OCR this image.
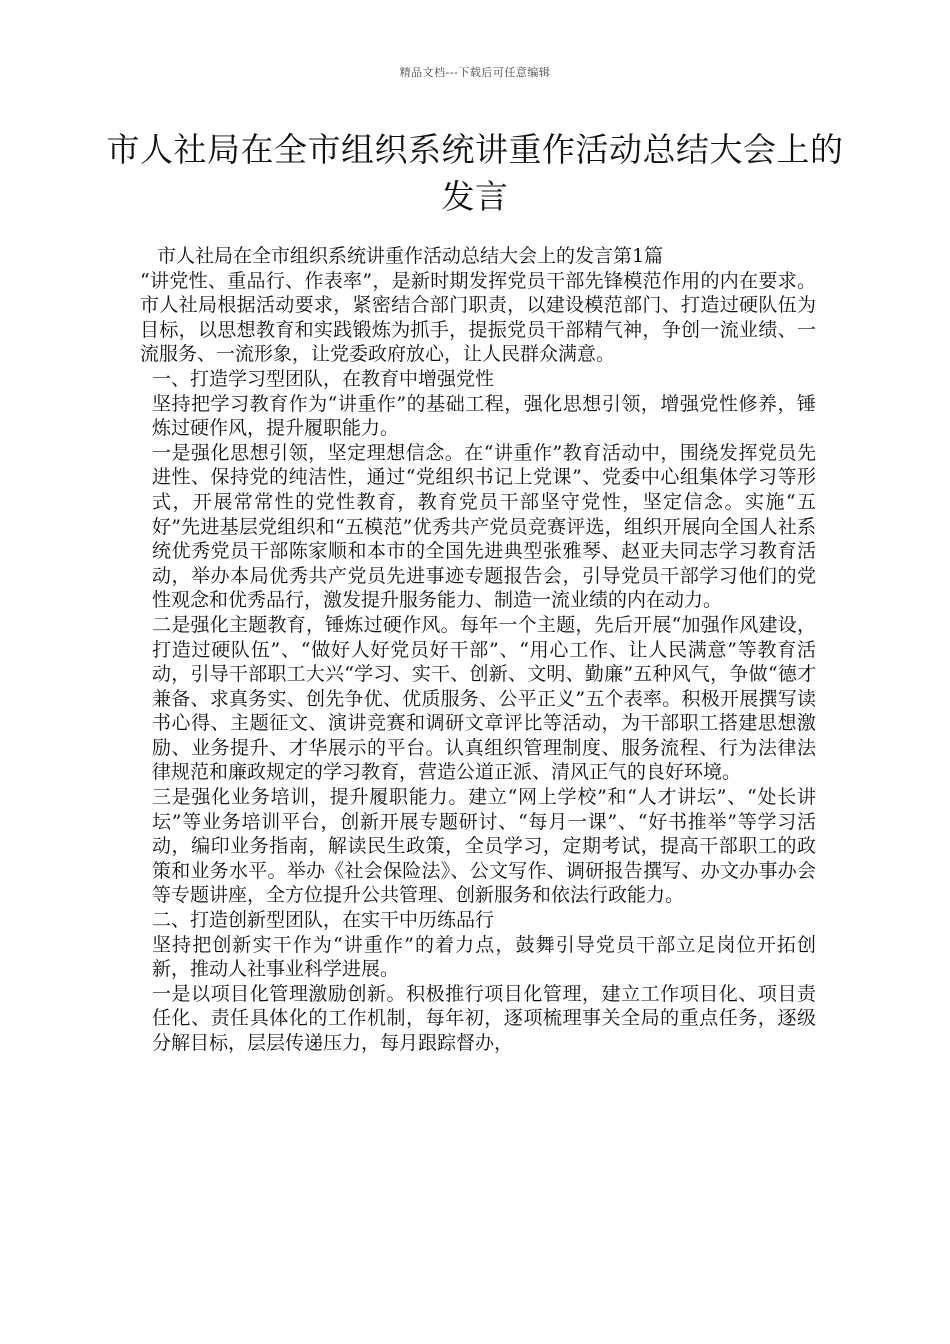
精品文档---下载后可任意编辑
市人社局在全市组织系统讲重作活动总结大会上的发言

市人社局在全市组织系统讲重作活动总结大会上的发言第1篇

“讲党性、重品行、作表率”，是新时期发挥党员干部先锋模范作用的内在要求。市人社局根据活动要求，紧密结合部门职责，以建设模范部门、打造过硬队伍为目标，以思想教育和实践锻炼为抓手，提振党员干部精气神，争创一流业绩、一流服务、一流形象，让党委政府放心，让人民群众满意。

一、打造学习型团队，在教育中增强党性

坚持把学习教育作为“讲重作”的基础工程，强化思想引领，增强党性修养，锤炼过硬作风，提升履职能力。

一是强化思想引领，坚定理想信念。在“讲重作”教育活动中，围绕发挥党员先进性、保持党的纯洁性，通过“党组织书记上党课”、党委中心组集体学习等形式，开展常常性的党性教育，教育党员干部坚守党性，坚定信念。实施“五好”先进基层党组织和“五模范”优秀共产党员竞赛评选，组织开展向全国人社系统优秀党员干部陈家顺和本市的全国先进典型张雅琴、赵亚夫同志学习教育活动，举办本局优秀共产党员先进事迹专题报告会，引导党员干部学习他们的党性观念和优秀品行，激发提升服务能力、制造一流业绩的内在动力。

二是强化主题教育，锤炼过硬作风。每年一个主题，先后开展“加强作风建设，打造过硬队伍”、“做好人好党员好干部”、“用心工作、让人民满意”等教育活动，引导干部职工大兴“学习、实干、创新、文明、勤廉”五种风气，争做“德才兼备、求真务实、创先争优、优质服务、公平正义”五个表率。积极开展撰写读书心得、主题征文、演讲竞赛和调研文章评比等活动，为干部职工搭建思想激励、业务提升、才华展示的平台。认真组织管理制度、服务流程、行为法律法律规范和廉政规定的学习教育，营造公道正派、清风正气的良好环境。

三是强化业务培训，提升履职能力。建立“网上学校”和“人才讲坛”、“处长讲坛”等业务培训平台，创新开展专题研讨、“每月一课”、“好书推举”等学习活动，编印业务指南，解读民生政策，全员学习，定期考试，提高干部职工的政策和业务水平。举办《社会保险法》、公文写作、调研报告撰写、办文办事办会等专题讲座，全方位提升公共管理、创新服务和依法行政能力。

二、打造创新型团队，在实干中历练品行

坚持把创新实干作为“讲重作”的着力点，鼓舞引导党员干部立足岗位开拓创新，推动人社事业科学进展。

一是以项目化管理激励创新。积极推行项目化管理，建立工作项目化、项目责任化、责任具体化的工作机制，每年初，逐项梳理事关全局的重点任务，逐级分解目标，层层传递压力，每月跟踪督办，
